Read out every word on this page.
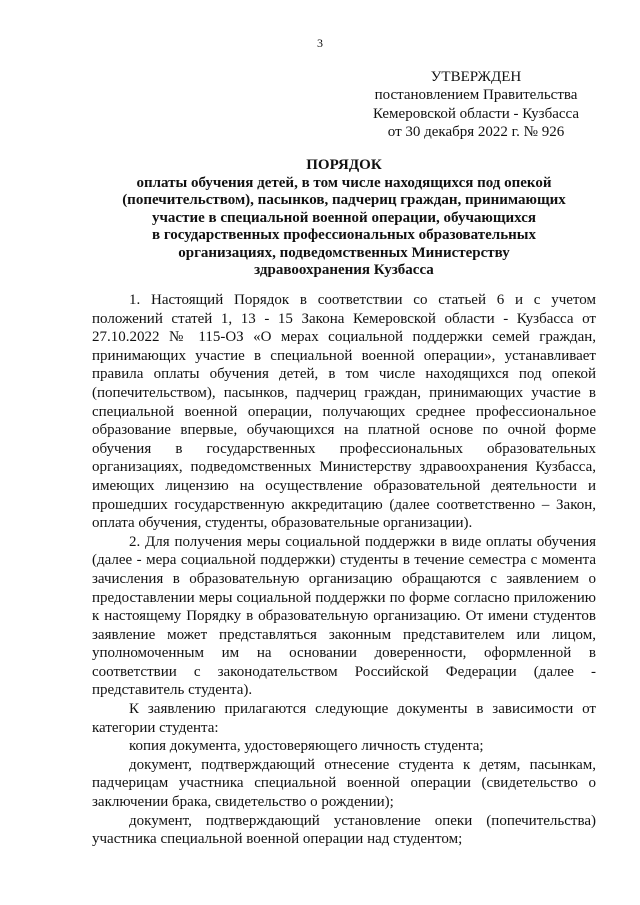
3
УТВЕРЖДЕН
постановлением Правительства
Кемеровской области - Кузбасса
от 30 декабря 2022 г. № 926
ПОРЯДОК
оплаты обучения детей, в том числе находящихся под опекой
(попечительством), пасынков, падчериц граждан, принимающих
участие в специальной военной операции, обучающихся
в государственных профессиональных образовательных
организациях, подведомственных Министерству
здравоохранения Кузбасса

1. Настоящий Порядок в соответствии со статьей 6 и с учетом положений статей 1, 13 - 15 Закона Кемеровской области - Кузбасса от 27.10.2022 № 115-ОЗ «О мерах социальной поддержки семей граждан, принимающих участие в специальной военной операции», устанавливает правила оплаты обучения детей, в том числе находящихся под опекой (попечительством), пасынков, падчериц граждан, принимающих участие в специальной военной операции, получающих среднее профессиональное образование впервые, обучающихся на платной основе по очной форме обучения в государственных профессиональных образовательных организациях, подведомственных Министерству здравоохранения Кузбасса, имеющих лицензию на осуществление образовательной деятельности и прошедших государственную аккредитацию (далее соответственно – Закон, оплата обучения, студенты, образовательные организации).

2. Для получения меры социальной поддержки в виде оплаты обучения (далее - мера социальной поддержки) студенты в течение семестра с момента зачисления в образовательную организацию обращаются с заявлением о предоставлении меры социальной поддержки по форме согласно приложению к настоящему Порядку в образовательную организацию. От имени студентов заявление может представляться законным представителем или лицом, уполномоченным им на основании доверенности, оформленной в соответствии с законодательством Российской Федерации (далее - представитель студента).

К заявлению прилагаются следующие документы в зависимости от категории студента:

копия документа, удостоверяющего личность студента;

документ, подтверждающий отнесение студента к детям, пасынкам, падчерицам участника специальной военной операции (свидетельство о заключении брака, свидетельство о рождении);

документ, подтверждающий установление опеки (попечительства) участника специальной военной операции над студентом;
